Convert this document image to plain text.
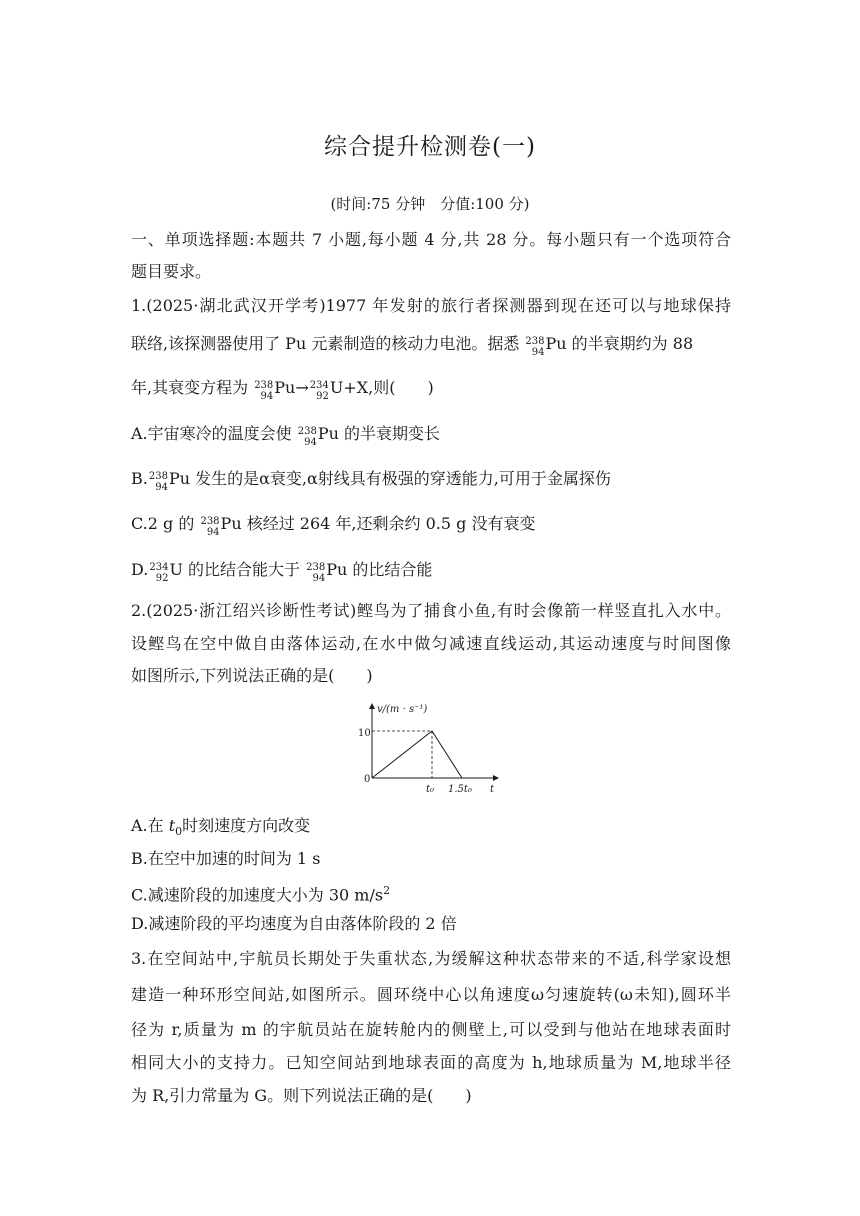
综合提升检测卷(一)
(时间:75 分钟　分值:100 分)
一、单项选择题:本题共 7 小题,每小题 4 分,共 28 分。每小题只有一个选项符合
题目要求。
1.(2025·湖北武汉开学考)1977 年发射的旅行者探测器到现在还可以与地球保持
联络,该探测器使用了 Pu 元素制造的核动力电池。据悉 238
94 Pu 的半衰期约为 88
年,其衰变方程为 238
94 Pu→ 234
92 U+X,则(　　)
A.宇宙寒冷的温度会使 238
94 Pu 的半衰期变长
B. 238
94 Pu 发生的是α衰变,α射线具有极强的穿透能力,可用于金属探伤
C.2 g 的 238
94 Pu 核经过 264 年,还剩余约 0.5 g 没有衰变
D. 234
92 U 的比结合能大于 238
94 Pu 的比结合能
2.(2025·浙江绍兴诊断性考试)鲣鸟为了捕食小鱼,有时会像箭一样竖直扎入水中。
设鲣鸟在空中做自由落体运动,在水中做匀减速直线运动,其运动速度与时间图像
如图所示,下列说法正确的是(　　)
v/(m · s⁻¹)
t
0
10
t₀ 1.5t₀
A.在 $t_0$时刻速度方向改变
B.在空中加速的时间为 1 s
C.减速阶段的加速度大小为 30 $m/s^2$
D.减速阶段的平均速度为自由落体阶段的 2 倍
3.在空间站中,宇航员长期处于失重状态,为缓解这种状态带来的不适,科学家设想
建造一种环形空间站,如图所示。圆环绕中心以角速度ω匀速旋转(ω未知),圆环半
径为 r,质量为 m 的宇航员站在旋转舱内的侧壁上,可以受到与他站在地球表面时
相同大小的支持力。已知空间站到地球表面的高度为 h,地球质量为 M,地球半径
为 R,引力常量为 G。则下列说法正确的是(　　)
